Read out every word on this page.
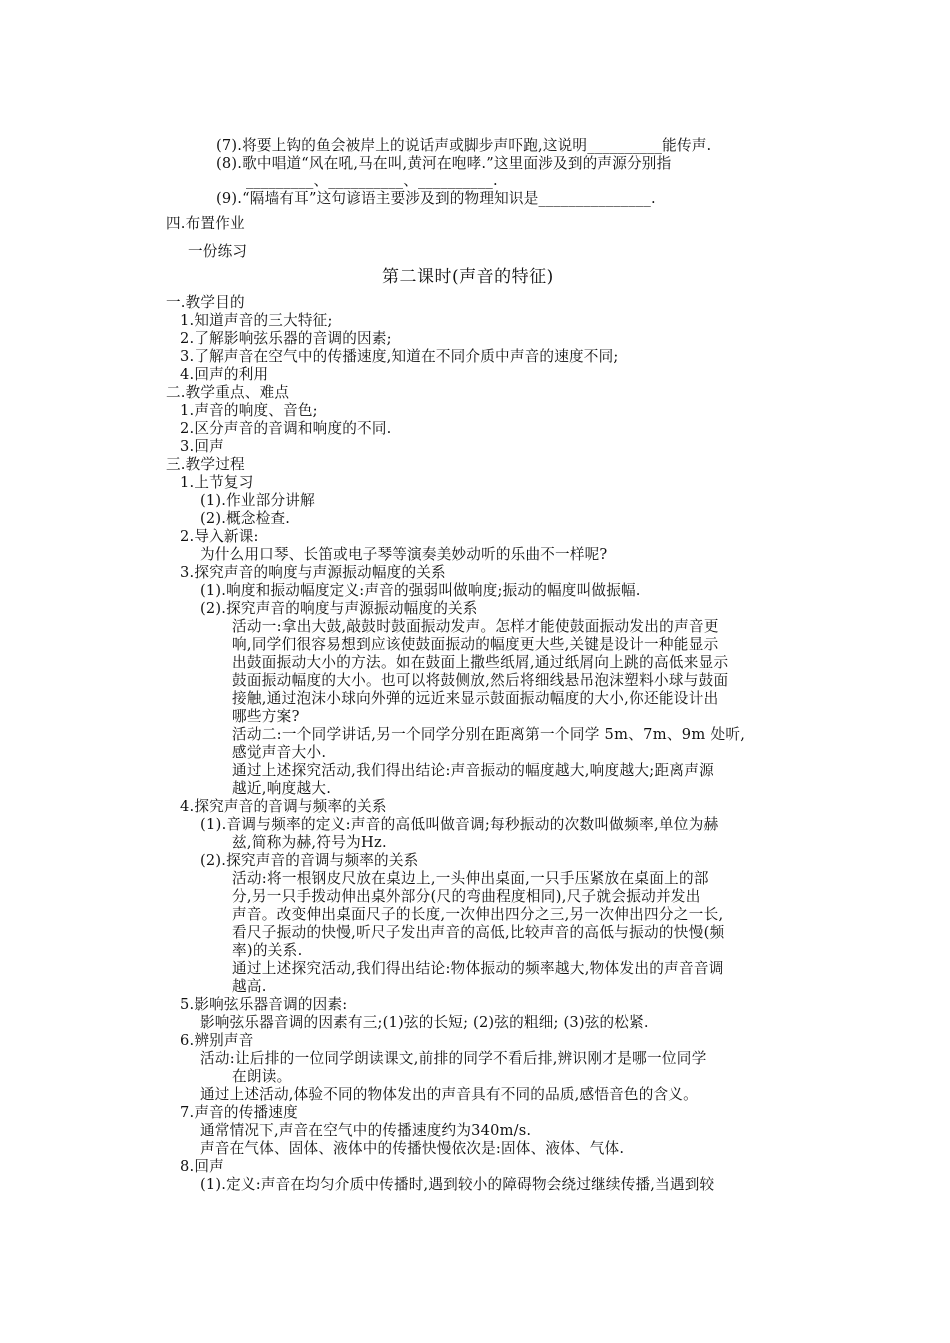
(7).将要上钩的鱼会被岸上的说话声或脚步声吓跑,这说明__________能传声.
(8).歌中唱道“风在吼,马在叫,黄河在咆哮.”这里面涉及到的声源分别指
_________、__________、__________.
(9).“隔墙有耳”这句谚语主要涉及到的物理知识是_______________.
四.布置作业
一份练习
第二课时(声音的特征)
一.教学目的
1.知道声音的三大特征;
2.了解影响弦乐器的音调的因素;
3.了解声音在空气中的传播速度,知道在不同介质中声音的速度不同;
4.回声的利用
二.教学重点、难点
1.声音的响度、音色;
2.区分声音的音调和响度的不同.
3.回声
三.教学过程
1.上节复习
(1).作业部分讲解
(2).概念检查.
2.导入新课:
为什么用口琴、长笛或电子琴等演奏美妙动听的乐曲不一样呢?
3.探究声音的响度与声源振动幅度的关系
(1).响度和振动幅度定义:声音的强弱叫做响度;振动的幅度叫做振幅.
(2).探究声音的响度与声源振动幅度的关系
活动一:拿出大鼓,敲鼓时鼓面振动发声。怎样才能使鼓面振动发出的声音更
响,同学们很容易想到应该使鼓面振动的幅度更大些,关键是设计一种能显示
出鼓面振动大小的方法。如在鼓面上撒些纸屑,通过纸屑向上跳的高低来显示
鼓面振动幅度的大小。也可以将鼓侧放,然后将细线悬吊泡沫塑料小球与鼓面
接触,通过泡沫小球向外弹的远近来显示鼓面振动幅度的大小,你还能设计出
哪些方案?
活动二:一个同学讲话,另一个同学分别在距离第一个同学 5m、7m、9m 处听,
感觉声音大小.
通过上述探究活动,我们得出结论:声音振动的幅度越大,响度越大;距离声源
越近,响度越大.
4.探究声音的音调与频率的关系
(1).音调与频率的定义:声音的高低叫做音调;每秒振动的次数叫做频率,单位为赫
兹,简称为赫,符号为Hz.
(2).探究声音的音调与频率的关系
活动:将一根钢皮尺放在桌边上,一头伸出桌面,一只手压紧放在桌面上的部
分,另一只手拨动伸出桌外部分(尺的弯曲程度相同),尺子就会振动并发出
声音。改变伸出桌面尺子的长度,一次伸出四分之三,另一次伸出四分之一长,
看尺子振动的快慢,听尺子发出声音的高低,比较声音的高低与振动的快慢(频
率)的关系.
通过上述探究活动,我们得出结论:物体振动的频率越大,物体发出的声音音调
越高.
5.影响弦乐器音调的因素:
影响弦乐器音调的因素有三;(1)弦的长短; (2)弦的粗细; (3)弦的松紧.
6.辨别声音
活动:让后排的一位同学朗读课文,前排的同学不看后排,辨识刚才是哪一位同学
在朗读。
通过上述活动,体验不同的物体发出的声音具有不同的品质,感悟音色的含义。
7.声音的传播速度
通常情况下,声音在空气中的传播速度约为340m/s.
声音在气体、固体、液体中的传播快慢依次是:固体、液体、气体.
8.回声
(1).定义:声音在均匀介质中传播时,遇到较小的障碍物会绕过继续传播,当遇到较
